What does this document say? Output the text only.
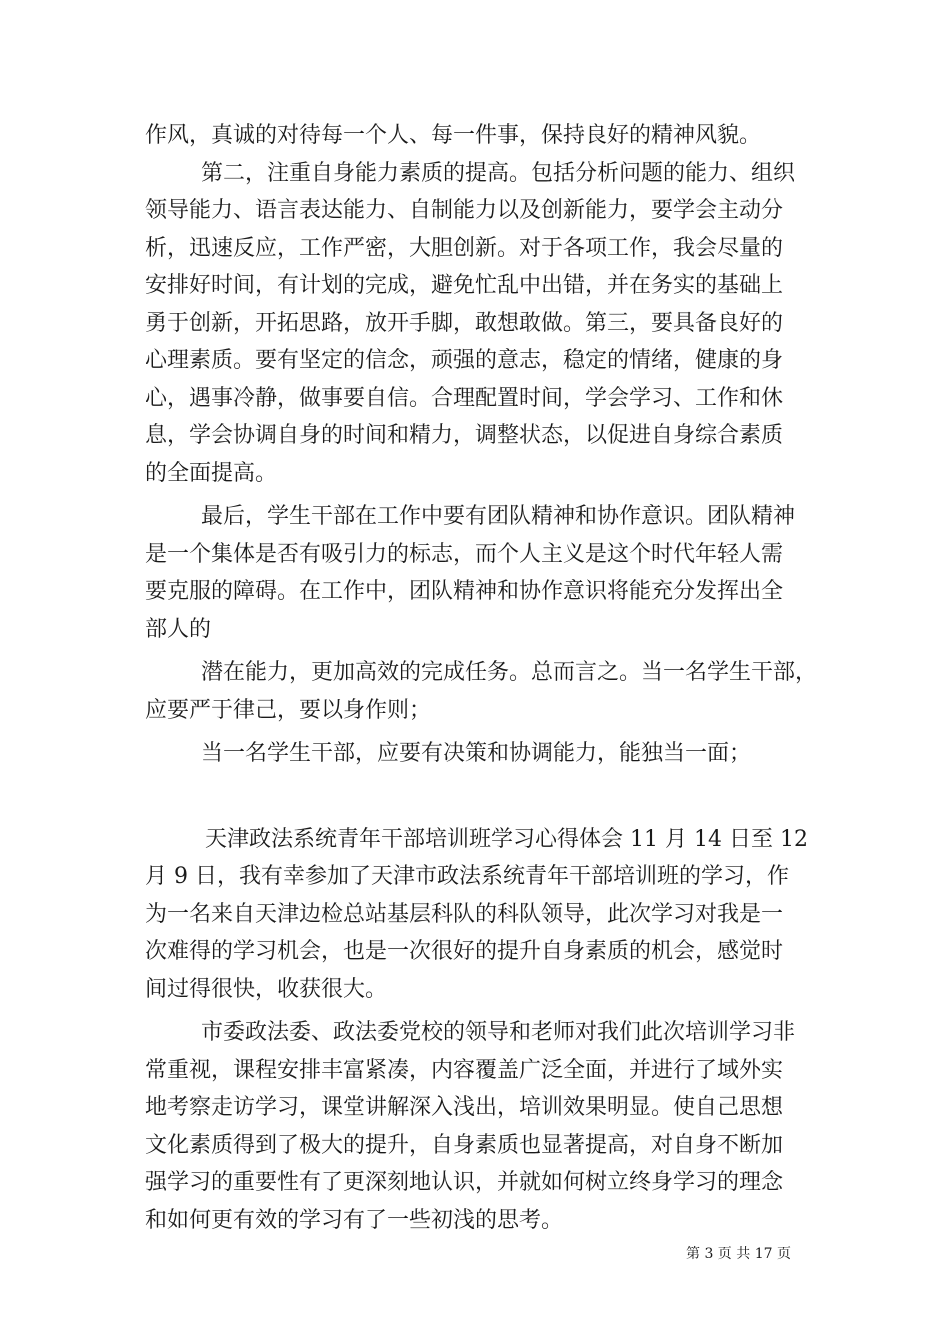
作风，真诚的对待每一个人、每一件事，保持良好的精神风貌。
第二，注重自身能力素质的提高。包括分析问题的能力、组织
领导能力、语言表达能力、自制能力以及创新能力，要学会主动分
析，迅速反应，工作严密，大胆创新。对于各项工作，我会尽量的
安排好时间，有计划的完成，避免忙乱中出错，并在务实的基础上
勇于创新，开拓思路，放开手脚，敢想敢做。第三，要具备良好的
心理素质。要有坚定的信念，顽强的意志，稳定的情绪，健康的身
心，遇事冷静，做事要自信。合理配置时间，学会学习、工作和休
息，学会协调自身的时间和精力，调整状态，以促进自身综合素质
的全面提高。
最后，学生干部在工作中要有团队精神和协作意识。团队精神
是一个集体是否有吸引力的标志，而个人主义是这个时代年轻人需
要克服的障碍。在工作中，团队精神和协作意识将能充分发挥出全
部人的
潜在能力，更加高效的完成任务。总而言之。当一名学生干部，
应要严于律己，要以身作则；
当一名学生干部，应要有决策和协调能力，能独当一面；
天津政法系统青年干部培训班学习心得体会 11 月 14 日至 12
月 9 日，我有幸参加了天津市政法系统青年干部培训班的学习，作
为一名来自天津边检总站基层科队的科队领导，此次学习对我是一
次难得的学习机会，也是一次很好的提升自身素质的机会，感觉时
间过得很快，收获很大。
市委政法委、政法委党校的领导和老师对我们此次培训学习非
常重视，课程安排丰富紧凑，内容覆盖广泛全面，并进行了域外实
地考察走访学习，课堂讲解深入浅出，培训效果明显。使自己思想
文化素质得到了极大的提升，自身素质也显著提高，对自身不断加
强学习的重要性有了更深刻地认识，并就如何树立终身学习的理念
和如何更有效的学习有了一些初浅的思考。
第 3 页 共 17 页
